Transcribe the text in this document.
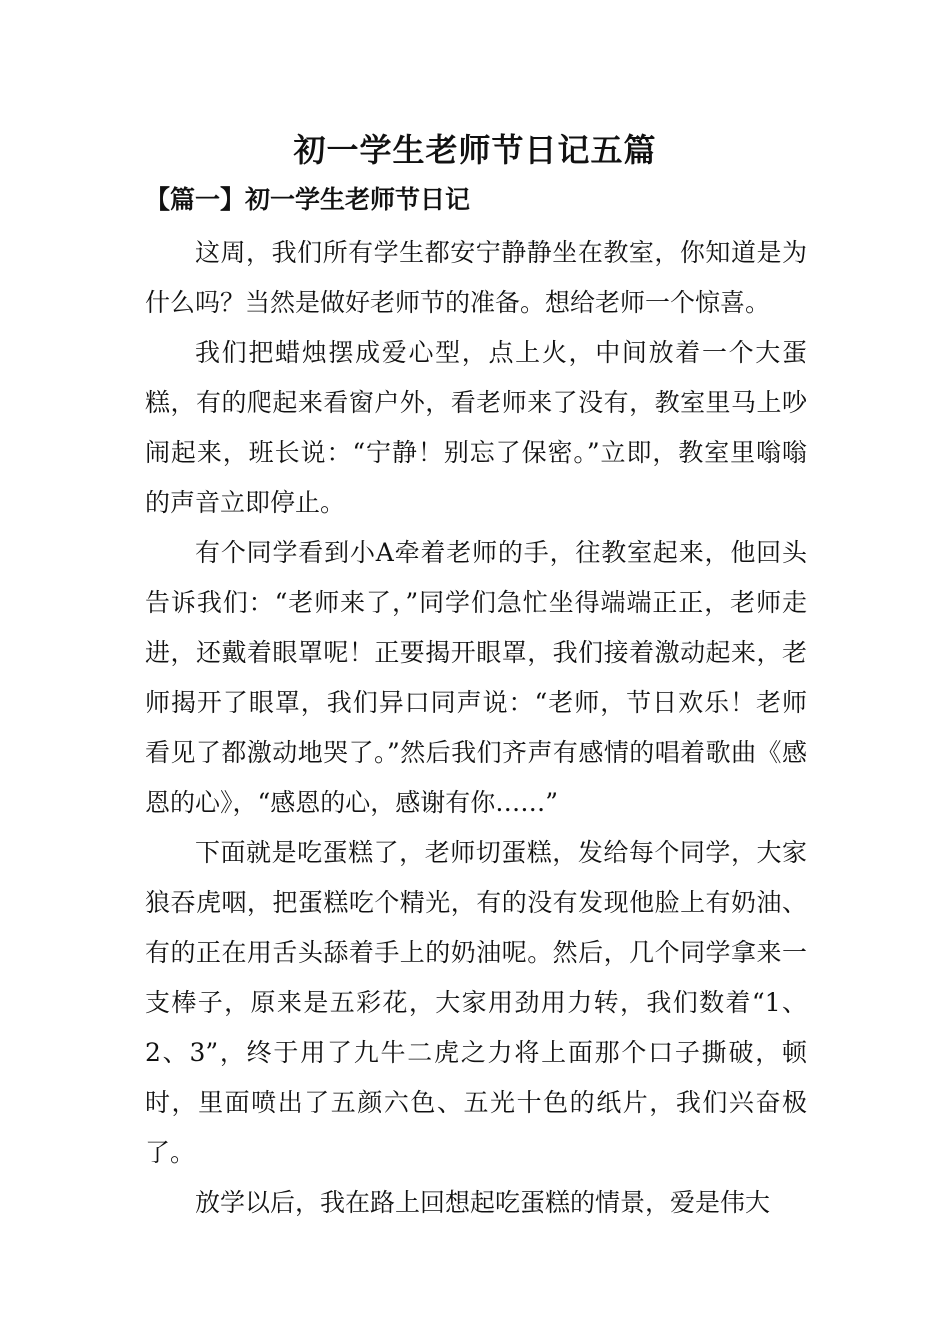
初一学生老师节日记五篇
【篇一】初一学生老师节日记

这周，我们所有学生都安宁静静坐在教室，你知道是为什么吗？当然是做好老师节的准备。想给老师一个惊喜。

我们把蜡烛摆成爱心型，点上火，中间放着一个大蛋糕，有的爬起来看窗户外，看老师来了没有，教室里马上吵闹起来，班长说：“宁静！别忘了保密。”立即，教室里嗡嗡的声音立即停止。

有个同学看到小A牵着老师的手，往教室起来，他回头告诉我们：“老师来了，”同学们急忙坐得端端正正，老师走进，还戴着眼罩呢！正要揭开眼罩，我们接着激动起来，老师揭开了眼罩，我们异口同声说：“老师，节日欢乐！老师看见了都激动地哭了。”然后我们齐声有感情的唱着歌曲《感恩的心》，“感恩的心，感谢有你……”

下面就是吃蛋糕了，老师切蛋糕，发给每个同学，大家狼吞虎咽，把蛋糕吃个精光，有的没有发现他脸上有奶油、有的正在用舌头舔着手上的奶油呢。然后，几个同学拿来一支棒子，原来是五彩花，大家用劲用力转，我们数着“1、2、3”，终于用了九牛二虎之力将上面那个口子撕破，顿时，里面喷出了五颜六色、五光十色的纸片，我们兴奋极了。

放学以后，我在路上回想起吃蛋糕的情景，爱是伟大
